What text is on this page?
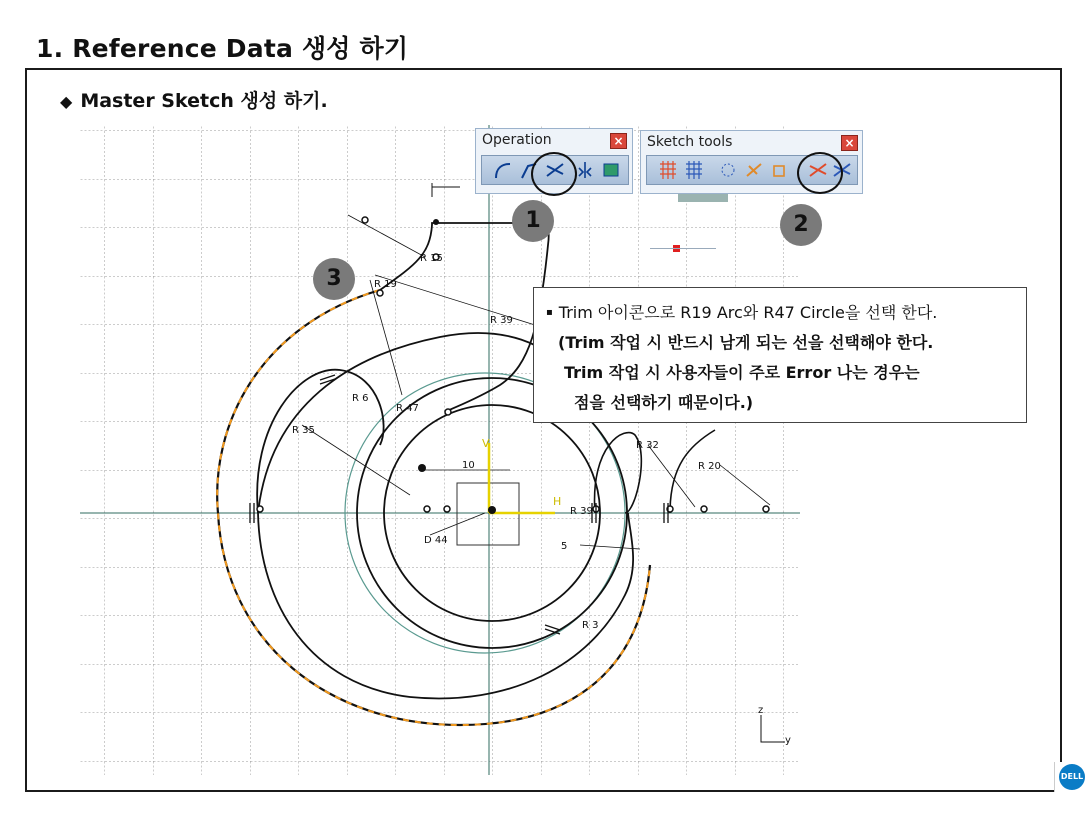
1. Reference Data 생성 하기
◆ Master Sketch 생성 하기.
H
V
R 15
R 19
R 39
R 6
R 47
R 35
10
R 32
R 20
R 39
D 44
5
R 3
z
y
Operation	× Sketch tools	×
1	2
3
▪ Trim 아이콘으로 R19 Arc와 R47 Circle을 선택 한다.
(Trim 작업 시 반드시 남게 되는 선을 선택해야 한다.
Trim 작업 시 사용자들이 주로 Error 나는 경우는
점을 선택하기 때문이다.)
DELL
